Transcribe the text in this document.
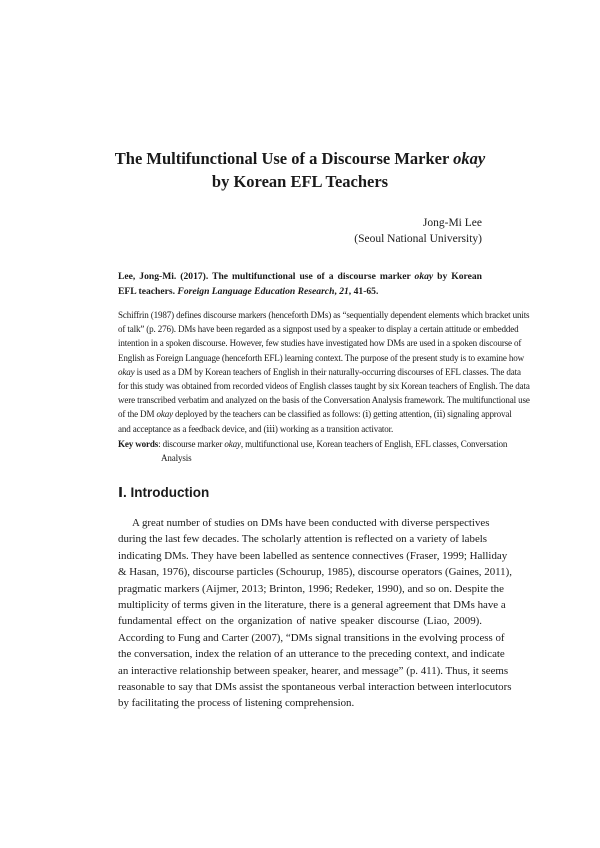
The Multifunctional Use of a Discourse Marker okay
by Korean EFL Teachers
Jong-Mi Lee
(Seoul National University)
Lee, Jong-Mi. (2017). The multifunctional use of a discourse marker okay by Korean EFL teachers. Foreign Language Education Research, 21, 41-65.
Schiffrin (1987) defines discourse markers (henceforth DMs) as “sequentially dependent elements which bracket units
of talk” (p. 276). DMs have been regarded as a signpost used by a speaker to display a certain attitude or embedded
intention in a spoken discourse. However, few studies have investigated how DMs are used in a spoken discourse of
English as Foreign Language (henceforth EFL) learning context. The purpose of the present study is to examine how
okay is used as a DM by Korean teachers of English in their naturally-occurring discourses of EFL classes. The data
for this study was obtained from recorded videos of English classes taught by six Korean teachers of English. The data
were transcribed verbatim and analyzed on the basis of the Conversation Analysis framework. The multifunctional use
of the DM okay deployed by the teachers can be classified as follows: (ⅰ) getting attention, (ⅱ) signaling approval
and acceptance as a feedback device, and (ⅲ) working as a transition activator.
Key words: discourse marker okay, multifunctional use, Korean teachers of English, EFL classes, Conversation
Analysis
Ⅰ. Introduction
A great number of studies on DMs have been conducted with diverse perspectives
during the last few decades. The scholarly attention is reflected on a variety of labels
indicating DMs. They have been labelled as sentence connectives (Fraser, 1999; Halliday
& Hasan, 1976), discourse particles (Schourup, 1985), discourse operators (Gaines, 2011),
pragmatic markers (Aijmer, 2013; Brinton, 1996; Redeker, 1990), and so on. Despite the
multiplicity of terms given in the literature, there is a general agreement that DMs have a
fundamental effect on the organization of native speaker discourse (Liao, 2009).
According to Fung and Carter (2007), “DMs signal transitions in the evolving process of
the conversation, index the relation of an utterance to the preceding context, and indicate
an interactive relationship between speaker, hearer, and message” (p. 411). Thus, it seems
reasonable to say that DMs assist the spontaneous verbal interaction between interlocutors
by facilitating the process of listening comprehension.
